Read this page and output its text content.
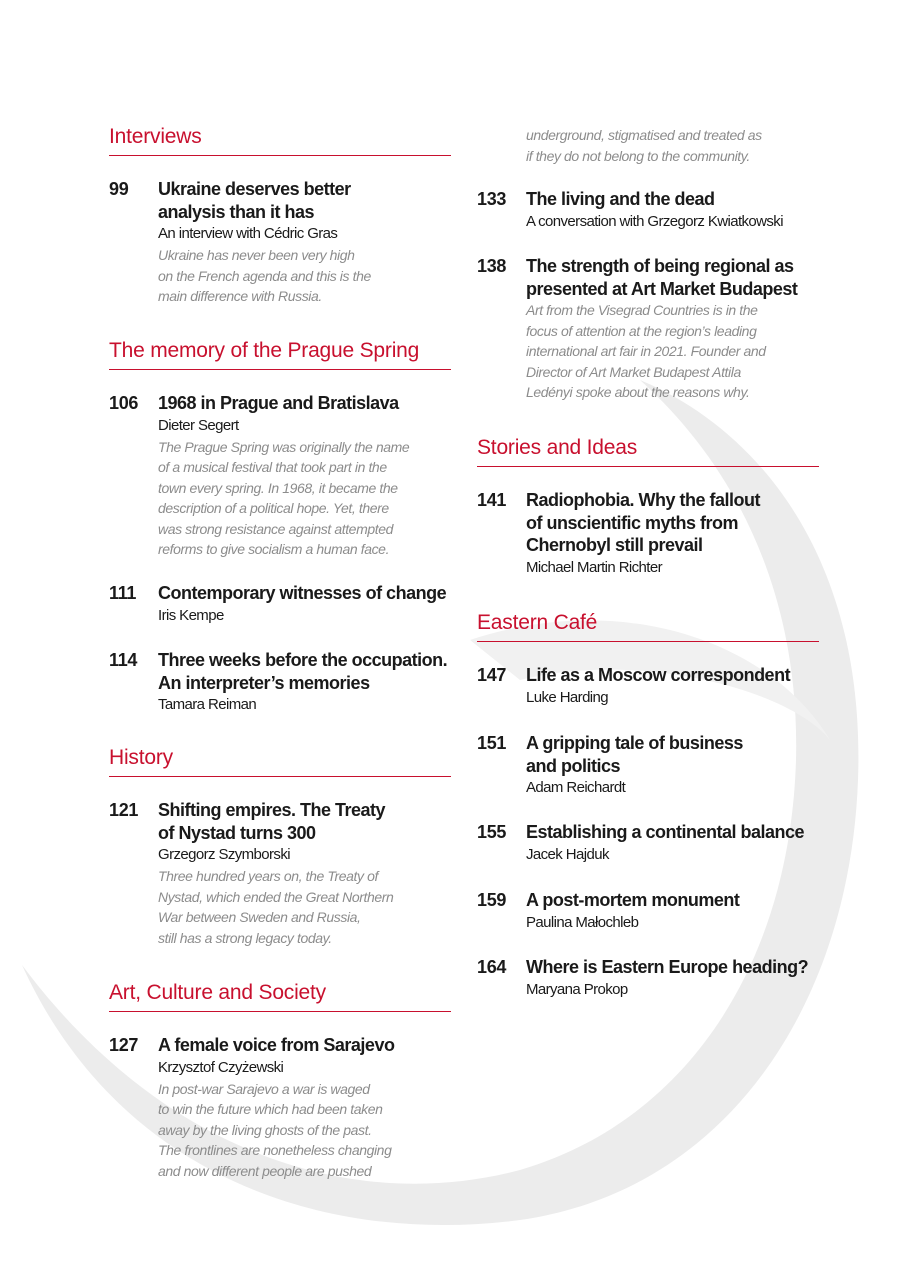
Interviews
99	Ukraine deserves better
analysis than it has
An interview with Cédric Gras
Ukraine has never been very high
on the French agenda and this is the
main difference with Russia.
The memory of the Prague Spring
106	1968 in Prague and Bratislava
Dieter Segert
The Prague Spring was originally the name
of a musical festival that took part in the
town every spring. In 1968, it became the
description of a political hope. Yet, there
was strong resistance against attempted
reforms to give socialism a human face.
111	Contemporary witnesses of change
Iris Kempe
114	Three weeks before the occupation.
An interpreter’s memories
Tamara Reiman
History
121	Shifting empires. The Treaty
of Nystad turns 300
Grzegorz Szymborski
Three hundred years on, the Treaty of
Nystad, which ended the Great Northern
War between Sweden and Russia,
still has a strong legacy today.
Art, Culture and Society
127	A female voice from Sarajevo
Krzysztof Czyżewski
In post-war Sarajevo a war is waged
to win the future which had been taken
away by the living ghosts of the past.
The frontlines are nonetheless changing
and now different people are pushed
underground, stigmatised and treated as
if they do not belong to the community.
133	The living and the dead
A conversation with Grzegorz Kwiatkowski
138	The strength of being regional as
presented at Art Market Budapest
Art from the Visegrad Countries is in the
focus of attention at the region’s leading
international art fair in 2021. Founder and
Director of Art Market Budapest Attila
Ledényi spoke about the reasons why.
Stories and Ideas
141	Radiophobia. Why the fallout
of unscientific myths from
Chernobyl still prevail
Michael Martin Richter
Eastern Café
147	Life as a Moscow correspondent
Luke Harding
151	A gripping tale of business
and politics
Adam Reichardt
155	Establishing a continental balance
Jacek Hajduk
159	A post-mortem monument
Paulina Małochleb
164	Where is Eastern Europe heading?
Maryana Prokop
